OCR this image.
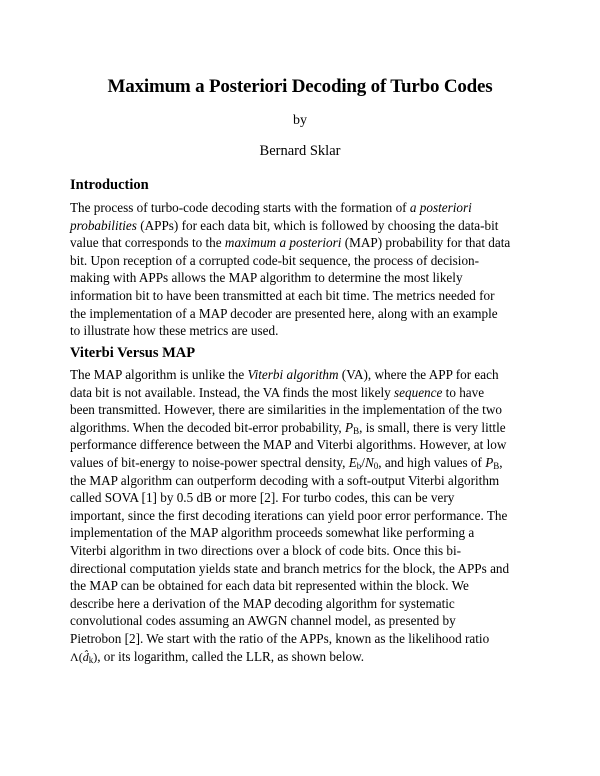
Maximum a Posteriori Decoding of Turbo Codes
by
Bernard Sklar
Introduction

The process of turbo-code decoding starts with the formation of a posteriori
probabilities (APPs) for each data bit, which is followed by choosing the data-bit
value that corresponds to the maximum a posteriori (MAP) probability for that data
bit. Upon reception of a corrupted code-bit sequence, the process of decision-
making with APPs allows the MAP algorithm to determine the most likely
information bit to have been transmitted at each bit time. The metrics needed for
the implementation of a MAP decoder are presented here, along with an example
to illustrate how these metrics are used.

Viterbi Versus MAP

The MAP algorithm is unlike the Viterbi algorithm (VA), where the APP for each
data bit is not available. Instead, the VA finds the most likely sequence to have
been transmitted. However, there are similarities in the implementation of the two
algorithms. When the decoded bit-error probability, $P_B$, is small, there is very little
performance difference between the MAP and Viterbi algorithms. However, at low
values of bit-energy to noise-power spectral density, $E_b/N_0$, and high values of $P_B$,
the MAP algorithm can outperform decoding with a soft-output Viterbi algorithm
called SOVA [1] by 0.5 dB or more [2]. For turbo codes, this can be very
important, since the first decoding iterations can yield poor error performance. The
implementation of the MAP algorithm proceeds somewhat like performing a
Viterbi algorithm in two directions over a block of code bits. Once this bi-
directional computation yields state and branch metrics for the block, the APPs and
the MAP can be obtained for each data bit represented within the block. We
describe here a derivation of the MAP decoding algorithm for systematic
convolutional codes assuming an AWGN channel model, as presented by
Pietrobon [2]. We start with the ratio of the APPs, known as the likelihood ratio
$\Lambda(d̂_k)$, or its logarithm, called the LLR, as shown below.
